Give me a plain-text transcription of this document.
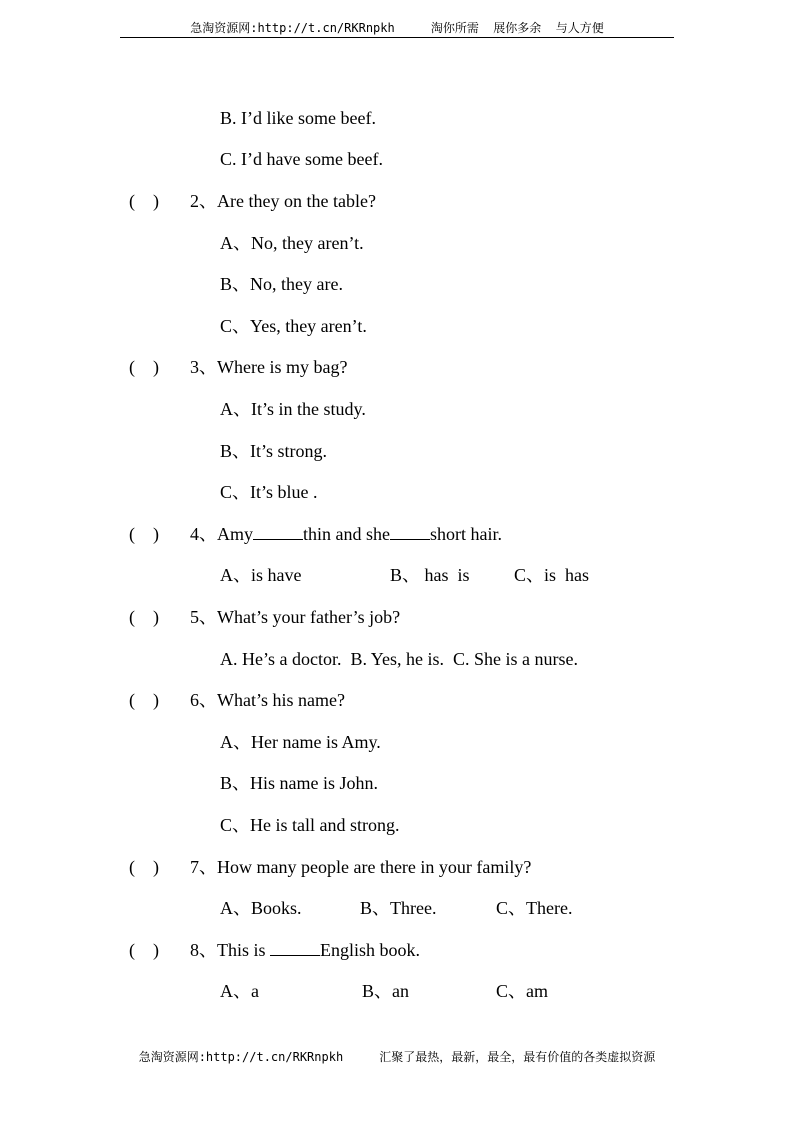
急淘资源网:http://t.cn/RKRnpkh     淘你所需  展你多余  与人方便
B. I’d like some beef.
C. I’d have some beef.
(    ) 2、Are they on the table?
A、No, they aren’t.
B、No, they are.
C、Yes, they aren’t.
(    ) 3、Where is my bag?
A、It’s in the study.
B、It’s strong.
C、It’s blue .
(    ) 4、Amy	thin and she short hair.
A、is have	B、 has  is C、is  has
(    ) 5、What’s your father’s job?
A. He’s a doctor.  B. Yes, he is.  C. She is a nurse.
(    ) 6、What’s his name?
A、Her name is Amy.
B、His name is John.
C、He is tall and strong.
(    ) 7、How many people are there in your family?
A、Books.	B、Three.	C、There.
(    ) 8、This is	English book.
A、a	B、an	C、am
急淘资源网:http://t.cn/RKRnpkh     汇聚了最热，最新，最全，最有价值的各类虚拟资源
